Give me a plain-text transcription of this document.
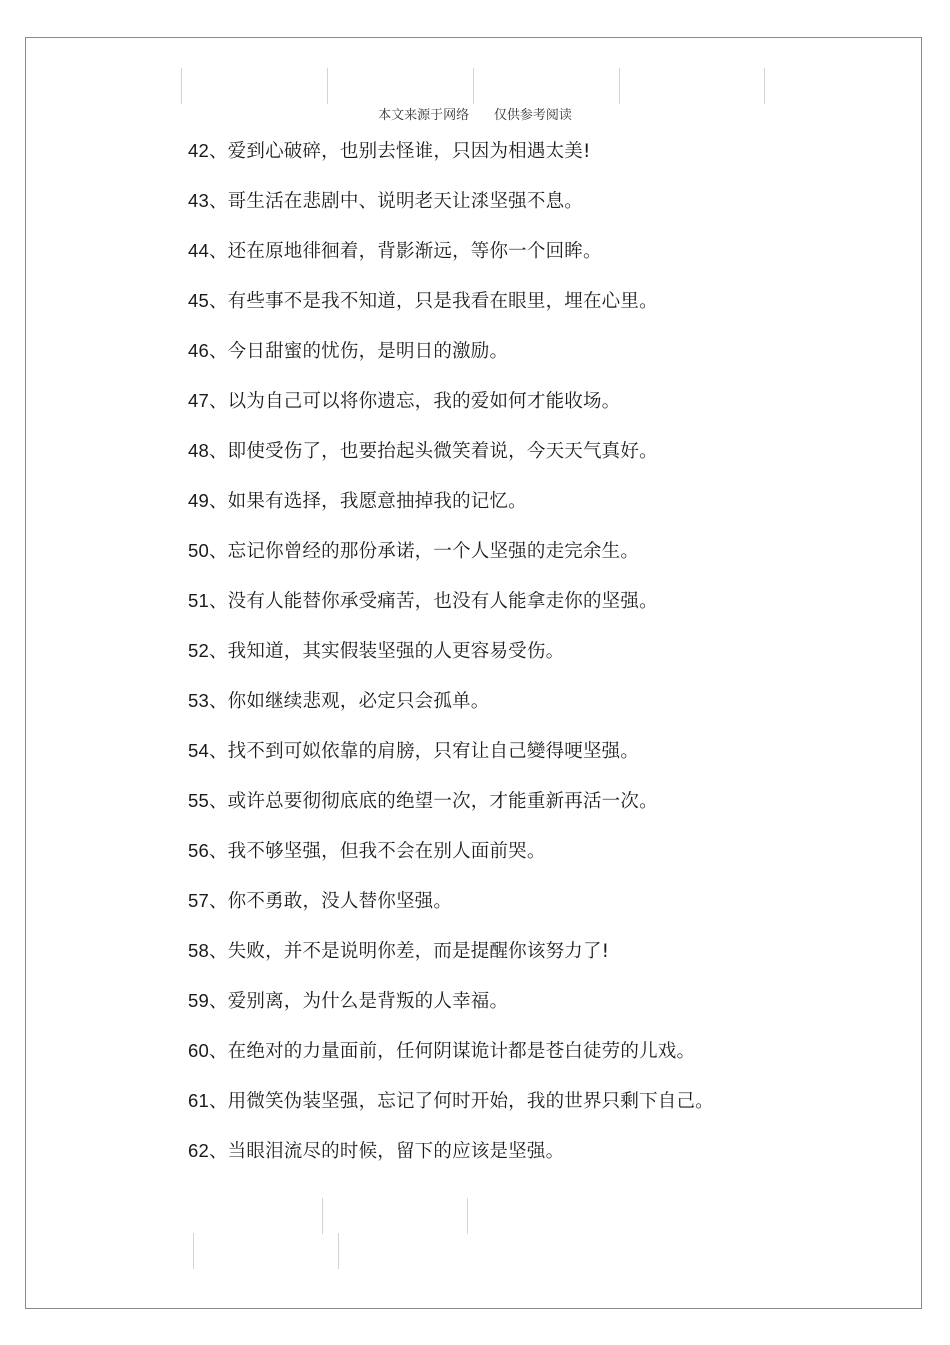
本文来源于网络      仅供参考阅读

42、爱到心破碎，也别去怪谁，只因为相遇太美!
43、哥生活在悲剧中、说明老天让渁坚强不息。
44、还在原地徘徊着，背影渐远，等你一个回眸。
45、有些事不是我不知道，只是我看在眼里，埋在心里。
46、今日甜蜜的忧伤，是明日的激励。
47、以为自己可以将你遗忘，我的爱如何才能收场。
48、即使受伤了，也要抬起头微笑着说，今天天气真好。
49、如果有选择，我愿意抽掉我的记忆。
50、忘记你曾经的那份承诺，一个人坚强的走完余生。
51、没有人能替你承受痛苦，也没有人能拿走你的坚强。
52、我知道，其实假装坚强的人更容易受伤。
53、你如继续悲观，必定只会孤单。
54、找不到可姒依靠的肩膀，只宥让自己變得哽坚强。
55、或许总要彻彻底底的绝望一次，才能重新再活一次。
56、我不够坚强，但我不会在别人面前哭。
57、你不勇敢，没人替你坚强。
58、失败，并不是说明你差，而是提醒你该努力了!
59、爱别离，为什么是背叛的人幸福。
60、在绝对的力量面前，任何阴谋诡计都是苍白徒劳的儿戏。
61、用微笑伪装坚强，忘记了何时开始，我的世界只剩下自己。
62、当眼泪流尽的时候，留下的应该是坚强。
